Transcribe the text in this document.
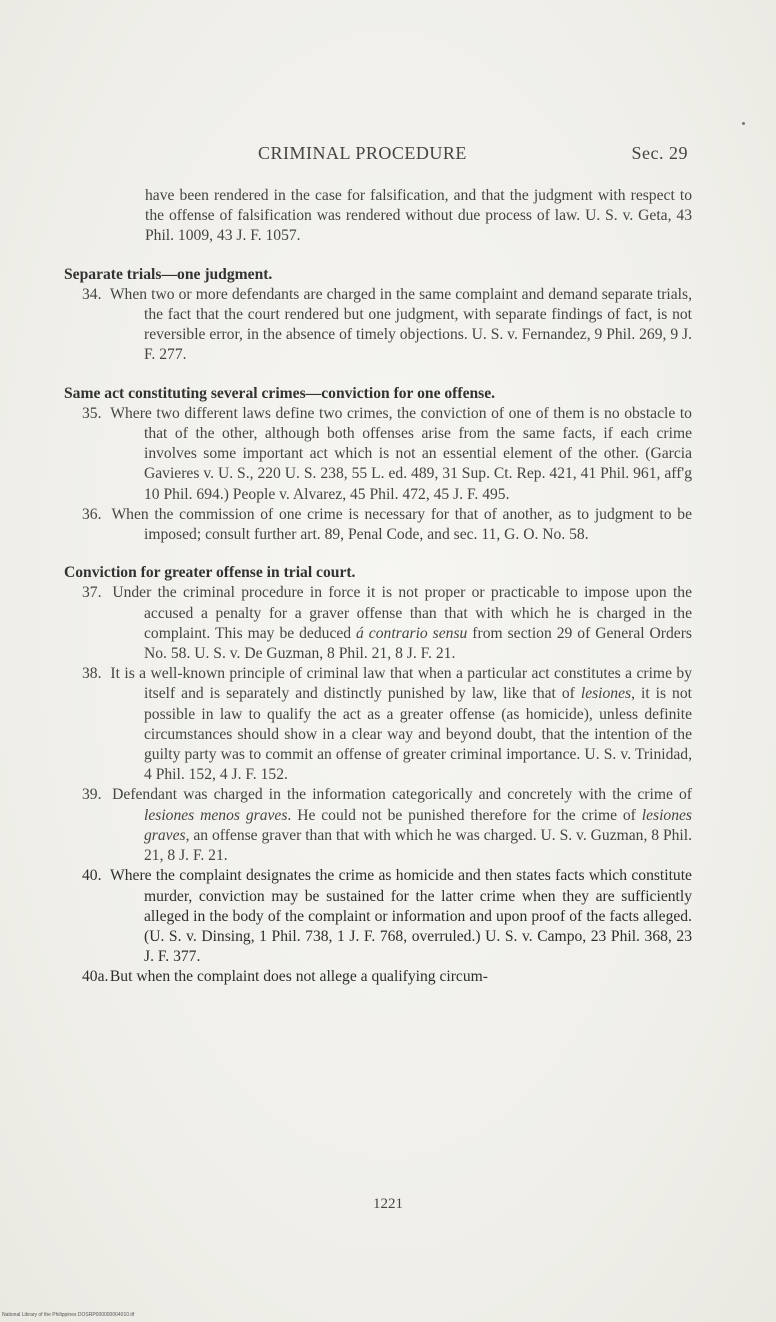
CRIMINAL PROCEDURE	Sec. 29
have been rendered in the case for falsification, and that the judgment with respect to the offense of falsification was rendered without due process of law. U. S. v. Geta, 43 Phil. 1009, 43 J. F. 1057.
Separate trials—one judgment.
34. When two or more defendants are charged in the same complaint and demand separate trials, the fact that the court rendered but one judgment, with separate findings of fact, is not reversible error, in the absence of timely objections. U. S. v. Fernandez, 9 Phil. 269, 9 J. F. 277.
Same act constituting several crimes—conviction for one offense.
35. Where two different laws define two crimes, the conviction of one of them is no obstacle to that of the other, although both offenses arise from the same facts, if each crime involves some important act which is not an essential element of the other. (Garcia Gavieres v. U. S., 220 U. S. 238, 55 L. ed. 489, 31 Sup. Ct. Rep. 421, 41 Phil. 961, aff'g 10 Phil. 694.) People v. Alvarez, 45 Phil. 472, 45 J. F. 495.
36. When the commission of one crime is necessary for that of another, as to judgment to be imposed; consult further art. 89, Penal Code, and sec. 11, G. O. No. 58.
Conviction for greater offense in trial court.
37. Under the criminal procedure in force it is not proper or practicable to impose upon the accused a penalty for a graver offense than that with which he is charged in the complaint. This may be deduced á contrario sensu from section 29 of General Orders No. 58. U. S. v. De Guzman, 8 Phil. 21, 8 J. F. 21.
38. It is a well-known principle of criminal law that when a particular act constitutes a crime by itself and is separately and distinctly punished by law, like that of lesiones, it is not possible in law to qualify the act as a greater offense (as homicide), unless definite circumstances should show in a clear way and beyond doubt, that the intention of the guilty party was to commit an offense of greater criminal importance. U. S. v. Trinidad, 4 Phil. 152, 4 J. F. 152.
39. Defendant was charged in the information categorically and concretely with the crime of lesiones menos graves. He could not be punished therefore for the crime of lesiones graves, an offense graver than that with which he was charged. U. S. v. Guzman, 8 Phil. 21, 8 J. F. 21.
40. Where the complaint designates the crime as homicide and then states facts which constitute murder, conviction may be sustained for the latter crime when they are sufficiently alleged in the body of the complaint or information and upon proof of the facts alleged. (U. S. v. Dinsing, 1 Phil. 738, 1 J. F. 768, overruled.) U. S. v. Campo, 23 Phil. 368, 23 J. F. 377.
40a. But when the complaint does not allege a qualifying circum-
1221
National Library of the Philippines DOSRP000000004010.tif
